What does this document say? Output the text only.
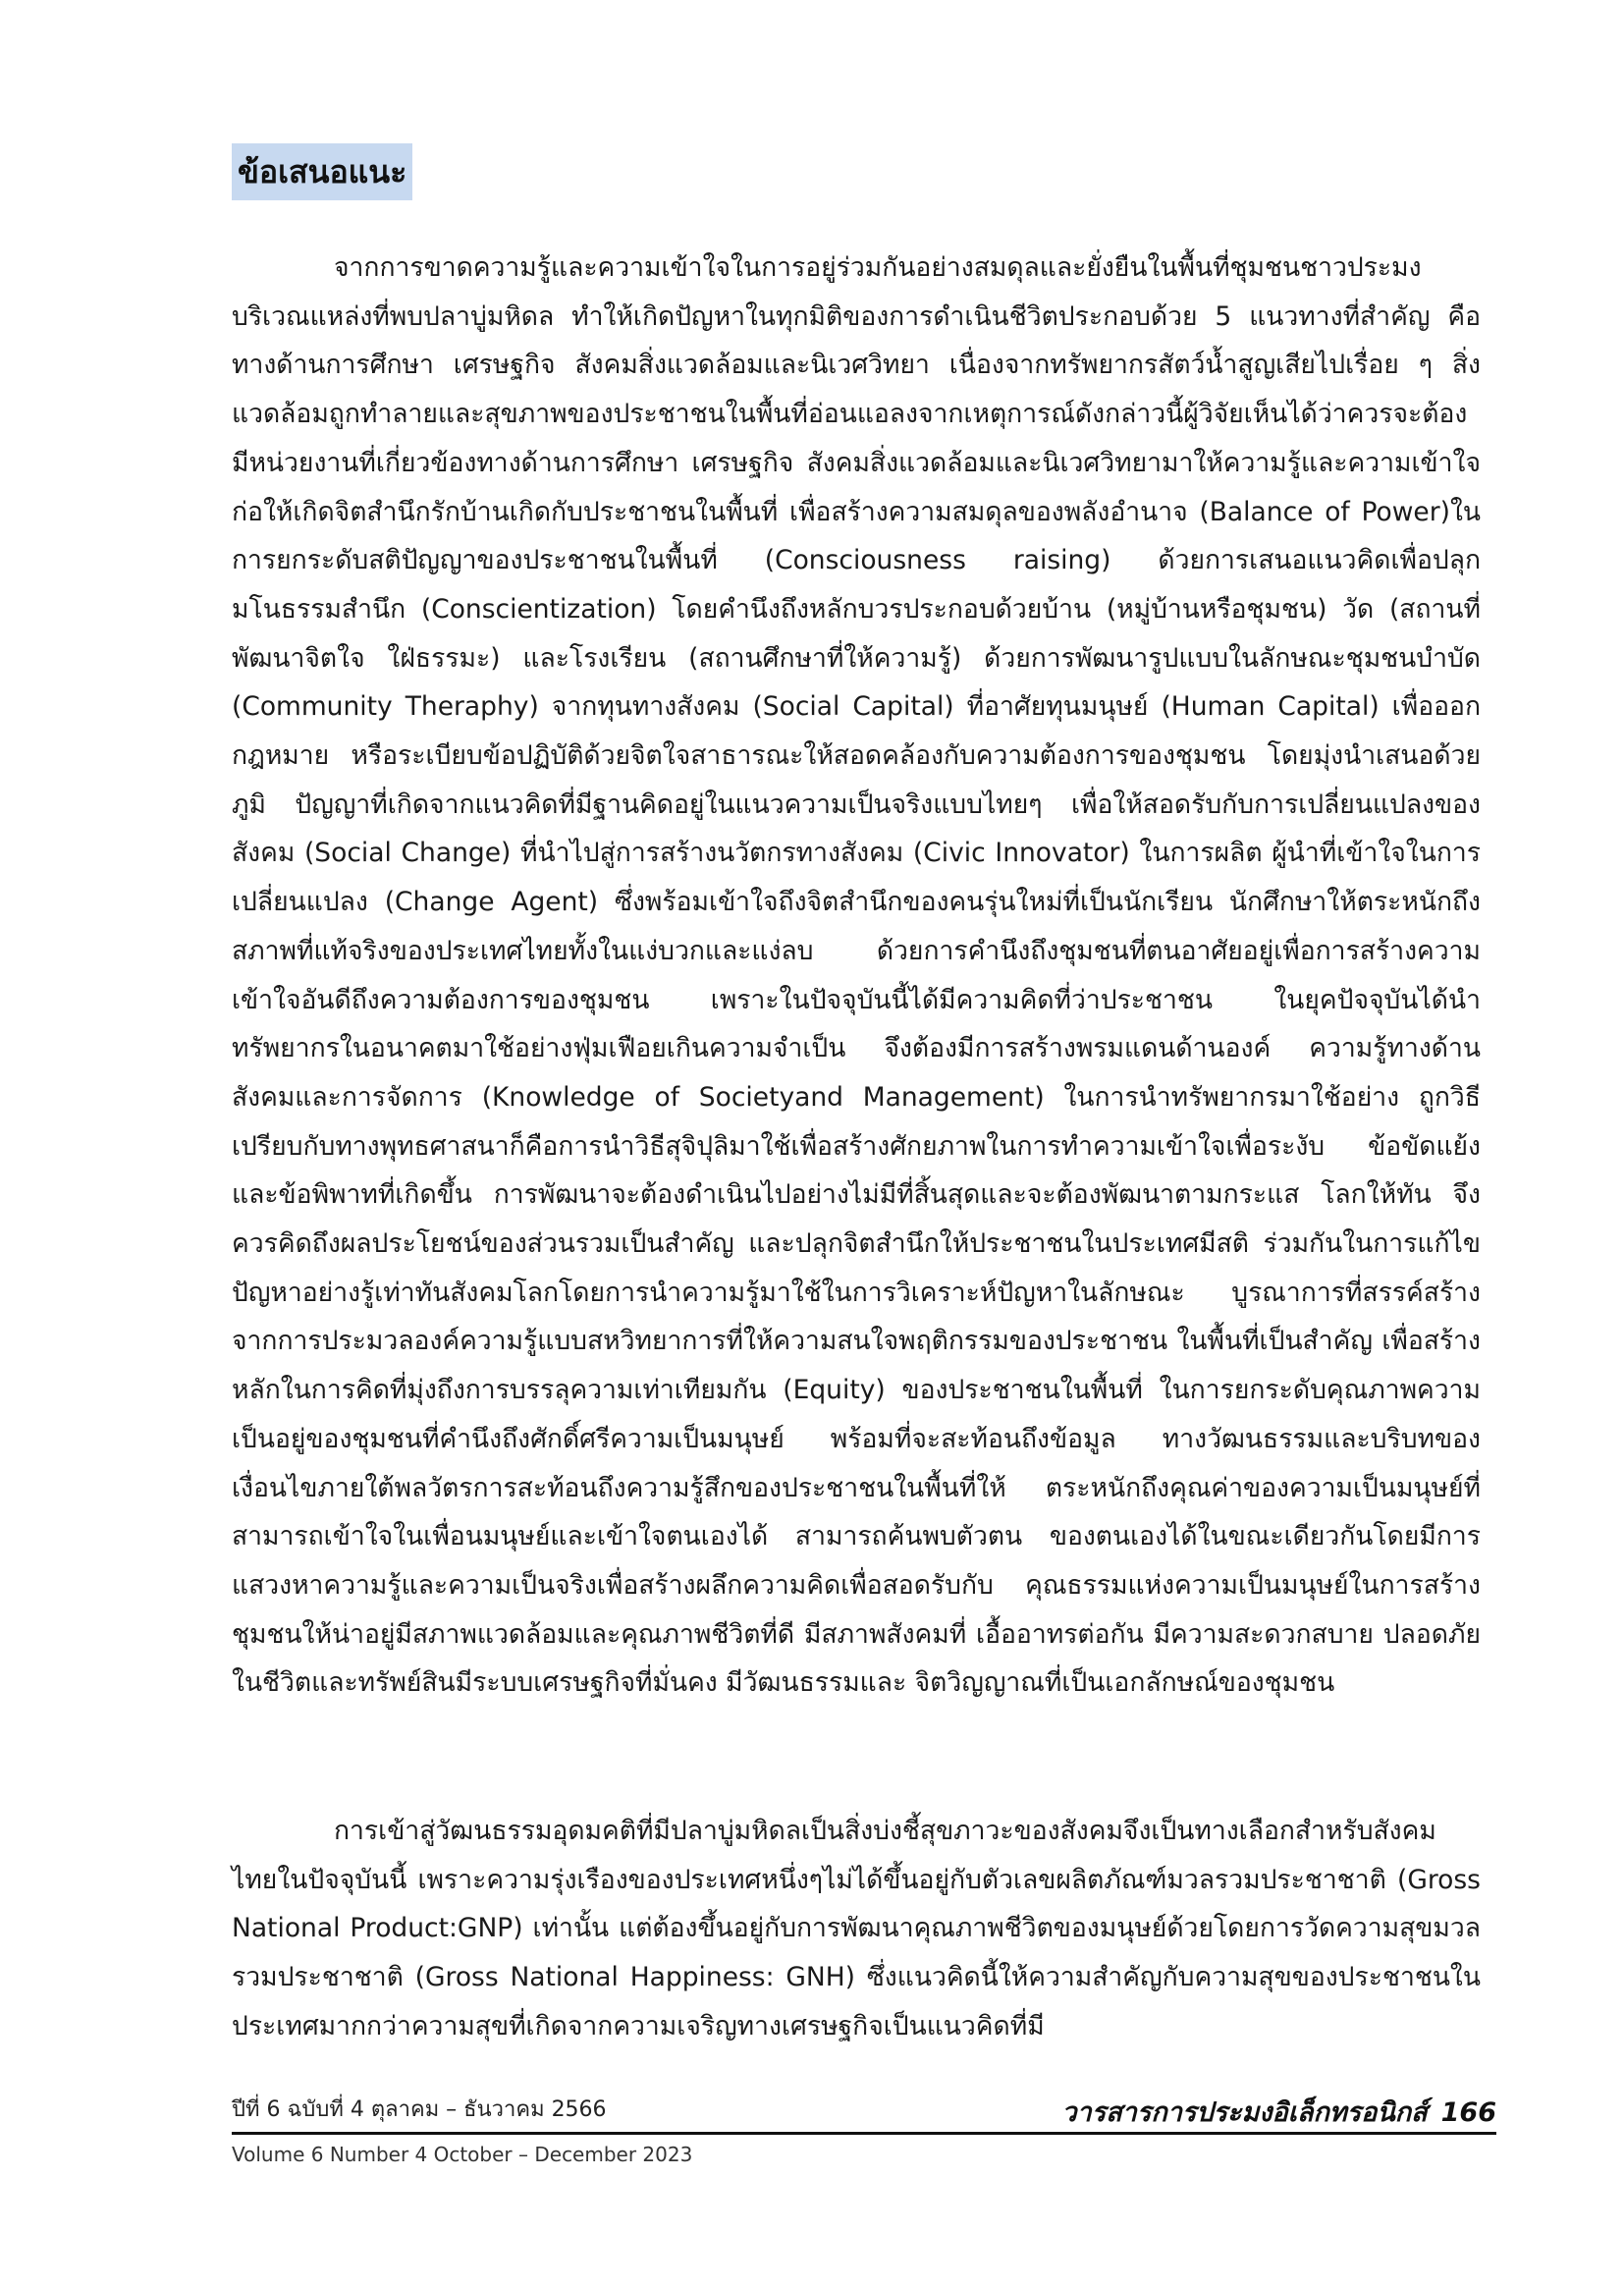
ข้อเสนอแนะ

จากการขาดความรู้และความเข้าใจในการอยู่ร่วมกันอย่างสมดุลและยั่งยืนในพื้นที่ชุมชนชาวประมงบริเวณแหล่งที่พบปลาบู่มหิดล ทำให้เกิดปัญหาในทุกมิติของการดำเนินชีวิตประกอบด้วย 5 แนวทางที่สำคัญ คือ ทางด้านการศึกษา เศรษฐกิจ สังคมสิ่งแวดล้อมและนิเวศวิทยา เนื่องจากทรัพยากรสัตว์น้ำสูญเสียไปเรื่อย ๆ สิ่งแวดล้อมถูกทำลายและสุขภาพของประชาชนในพื้นที่อ่อนแอลงจากเหตุการณ์ดังกล่าวนี้ผู้วิจัยเห็นได้ว่าควรจะต้องมีหน่วยงานที่เกี่ยวข้องทางด้านการศึกษา เศรษฐกิจ สังคมสิ่งแวดล้อมและนิเวศวิทยามาให้ความรู้และความเข้าใจก่อให้เกิดจิตสำนึกรักบ้านเกิดกับประชาชนในพื้นที่ เพื่อสร้างความสมดุลของพลังอำนาจ (Balance of Power)ในการยกระดับสติปัญญาของประชาชนในพื้นที่ (Consciousness raising) ด้วยการเสนอแนวคิดเพื่อปลุก มโนธรรมสำนึก (Conscientization) โดยคำนึงถึงหลักบวรประกอบด้วยบ้าน (หมู่บ้านหรือชุมชน) วัด (สถานที่ พัฒนาจิตใจ ใฝ่ธรรมะ) และโรงเรียน (สถานศึกษาที่ให้ความรู้) ด้วยการพัฒนารูปแบบในลักษณะชุมชนบำบัด (Community Theraphy) จากทุนทางสังคม (Social Capital) ที่อาศัยทุนมนุษย์ (Human Capital) เพื่อออกกฎหมาย หรือระเบียบข้อปฏิบัติด้วยจิตใจสาธารณะให้สอดคล้องกับความต้องการของชุมชน โดยมุ่งนำเสนอด้วยภูมิ ปัญญาที่เกิดจากแนวคิดที่มีฐานคิดอยู่ในแนวความเป็นจริงแบบไทยๆ เพื่อให้สอดรับกับการเปลี่ยนแปลงของสังคม (Social Change) ที่นำไปสู่การสร้างนวัตกรทางสังคม (Civic Innovator) ในการผลิต ผู้นำที่เข้าใจในการเปลี่ยนแปลง (Change Agent) ซึ่งพร้อมเข้าใจถึงจิตสำนึกของคนรุ่นใหม่ที่เป็นนักเรียน นักศึกษาให้ตระหนักถึงสภาพที่แท้จริงของประเทศไทยทั้งในแง่บวกและแง่ลบ ด้วยการคำนึงถึงชุมชนที่ตนอาศัยอยู่เพื่อการสร้างความเข้าใจอันดีถึงความต้องการของชุมชน เพราะในปัจจุบันนี้ได้มีความคิดที่ว่าประชาชน ในยุคปัจจุบันได้นำทรัพยากรในอนาคตมาใช้อย่างฟุ่มเฟือยเกินความจำเป็น จึงต้องมีการสร้างพรมแดนด้านองค์ ความรู้ทางด้านสังคมและการจัดการ (Knowledge of Societyand Management) ในการนำทรัพยากรมาใช้อย่าง ถูกวิธีเปรียบกับทางพุทธศาสนาก็คือการนำวิธีสุจิปุลิมาใช้เพื่อสร้างศักยภาพในการทำความเข้าใจเพื่อระงับ ข้อขัดแย้งและข้อพิพาทที่เกิดขึ้น การพัฒนาจะต้องดำเนินไปอย่างไม่มีที่สิ้นสุดและจะต้องพัฒนาตามกระแส โลกให้ทัน จึงควรคิดถึงผลประโยชน์ของส่วนรวมเป็นสำคัญ และปลุกจิตสำนึกให้ประชาชนในประเทศมีสติ ร่วมกันในการแก้ไขปัญหาอย่างรู้เท่าทันสังคมโลกโดยการนำความรู้มาใช้ในการวิเคราะห์ปัญหาในลักษณะ บูรณาการที่สรรค์สร้างจากการประมวลองค์ความรู้แบบสหวิทยาการที่ให้ความสนใจพฤติกรรมของประชาชน ในพื้นที่เป็นสำคัญ เพื่อสร้างหลักในการคิดที่มุ่งถึงการบรรลุความเท่าเทียมกัน (Equity) ของประชาชนในพื้นที่ ในการยกระดับคุณภาพความเป็นอยู่ของชุมชนที่คำนึงถึงศักดิ์ศรีความเป็นมนุษย์ พร้อมที่จะสะท้อนถึงข้อมูล ทางวัฒนธรรมและบริบทของเงื่อนไขภายใต้พลวัตรการสะท้อนถึงความรู้สึกของประชาชนในพื้นที่ให้ ตระหนักถึงคุณค่าของความเป็นมนุษย์ที่สามารถเข้าใจในเพื่อนมนุษย์และเข้าใจตนเองได้ สามารถค้นพบตัวตน ของตนเองได้ในขณะเดียวกันโดยมีการแสวงหาความรู้และความเป็นจริงเพื่อสร้างผลึกความคิดเพื่อสอดรับกับ คุณธรรมแห่งความเป็นมนุษย์ในการสร้างชุมชนให้น่าอยู่มีสภาพแวดล้อมและคุณภาพชีวิตที่ดี มีสภาพสังคมที่ เอื้ออาทรต่อกัน มีความสะดวกสบาย ปลอดภัยในชีวิตและทรัพย์สินมีระบบเศรษฐกิจที่มั่นคง มีวัฒนธรรมและ จิตวิญญาณที่เป็นเอกลักษณ์ของชุมชน

การเข้าสู่วัฒนธรรมอุดมคติที่มีปลาบู่มหิดลเป็นสิ่งบ่งชี้สุขภาวะของสังคมจึงเป็นทางเลือกสำหรับสังคมไทยในปัจจุบันนี้ เพราะความรุ่งเรืองของประเทศหนึ่งๆไม่ได้ขึ้นอยู่กับตัวเลขผลิตภัณฑ์มวลรวมประชาชาติ (Gross National Product:GNP) เท่านั้น แต่ต้องขึ้นอยู่กับการพัฒนาคุณภาพชีวิตของมนุษย์ด้วยโดยการวัดความสุขมวลรวมประชาชาติ (Gross National Happiness: GNH) ซึ่งแนวคิดนี้ให้ความสำคัญกับความสุขของประชาชนในประเทศมากกว่าความสุขที่เกิดจากความเจริญทางเศรษฐกิจเป็นแนวคิดที่มี

ปีที่ 6 ฉบับที่ 4 ตุลาคม – ธันวาคม 2566
Volume 6 Number 4 October – December 2023
วารสารการประมงอิเล็กทรอนิกส์ 166
